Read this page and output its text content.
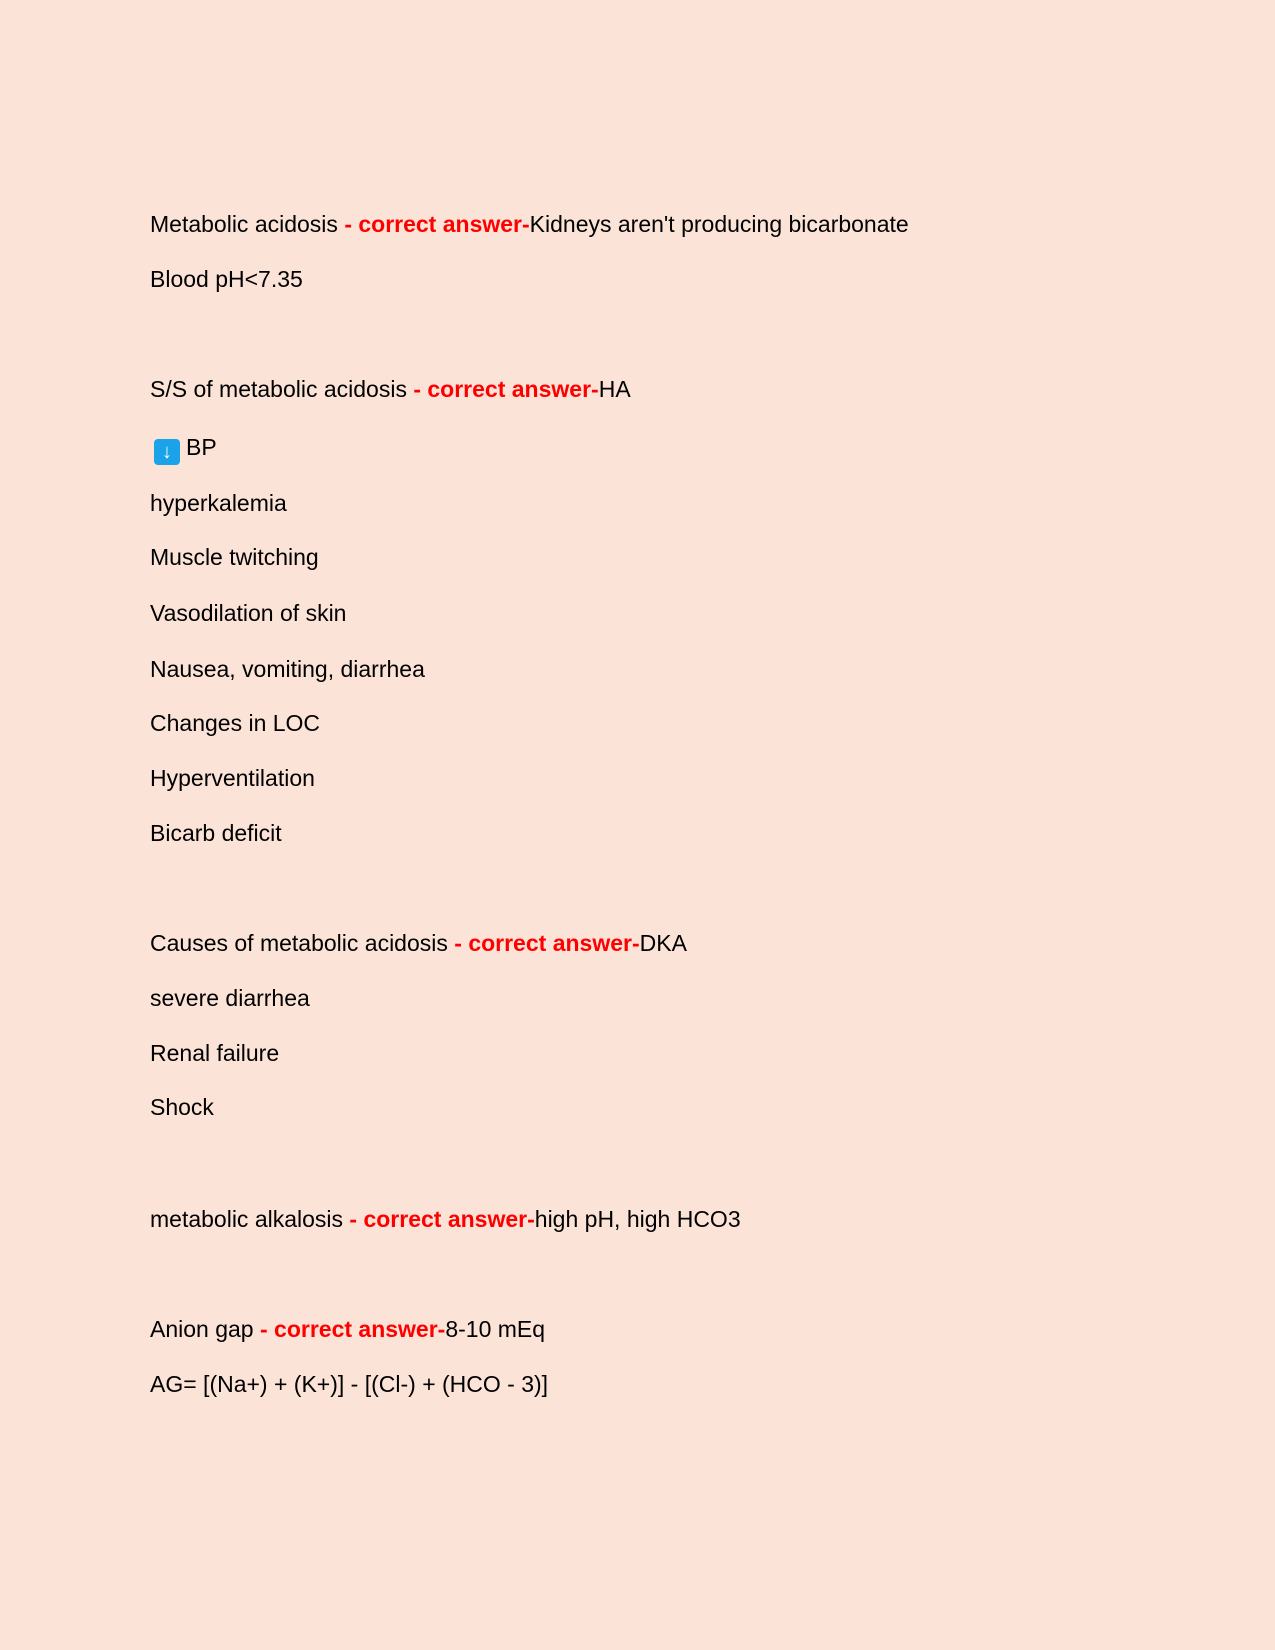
Metabolic acidosis - correct answer-Kidneys aren't producing bicarbonate
Blood pH<7.35
S/S of metabolic acidosis - correct answer-HA
↓ BP
hyperkalemia
Muscle twitching
Vasodilation of skin
Nausea, vomiting, diarrhea
Changes in LOC
Hyperventilation
Bicarb deficit
Causes of metabolic acidosis - correct answer-DKA
severe diarrhea
Renal failure
Shock
metabolic alkalosis - correct answer-high pH, high HCO3
Anion gap - correct answer-8-10 mEq
AG= [(Na+) + (K+)] - [(Cl-) + (HCO - 3)]
